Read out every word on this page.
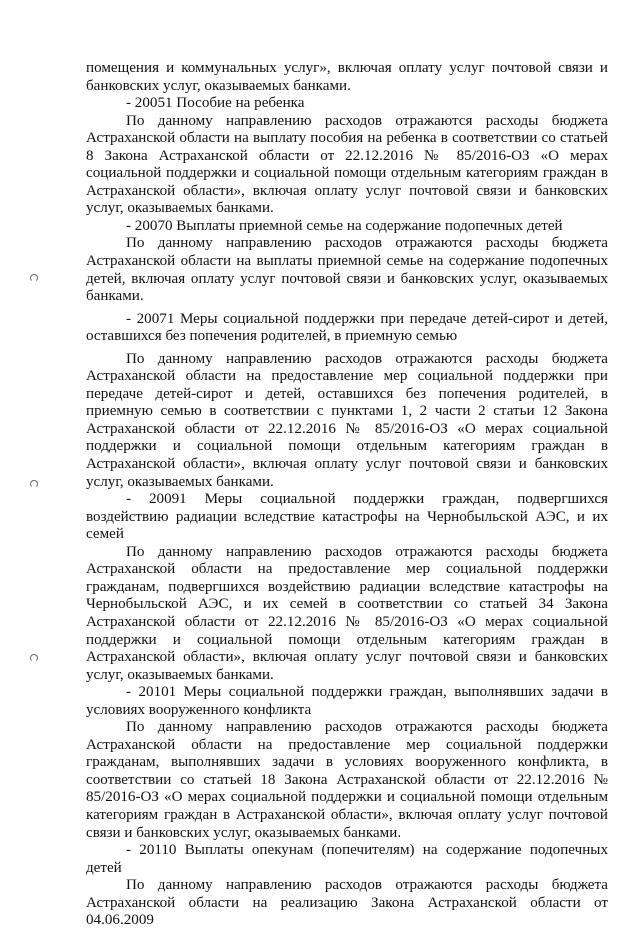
помещения и коммунальных услуг», включая оплату услуг почтовой связи и банковских услуг, оказываемых банками.

- 20051 Пособие на ребенка

По данному направлению расходов отражаются расходы бюджета Астраханской области на выплату пособия на ребенка в соответствии со статьей 8 Закона Астраханской области от 22.12.2016 № 85/2016-ОЗ «О мерах социальной поддержки и социальной помощи отдельным категориям граждан в Астраханской области», включая оплату услуг почтовой связи и банковских услуг, оказываемых банками.

- 20070 Выплаты приемной семье на содержание подопечных детей

По данному направлению расходов отражаются расходы бюджета Астраханской области на выплаты приемной семье на содержание подопечных детей, включая оплату услуг почтовой связи и банковских услуг, оказываемых банками.

- 20071 Меры социальной поддержки при передаче детей-сирот и детей, оставшихся без попечения родителей, в приемную семью

По данному направлению расходов отражаются расходы бюджета Астраханской области на предоставление мер социальной поддержки при передаче детей-сирот и детей, оставшихся без попечения родителей, в приемную семью в соответствии с пунктами 1, 2 части 2 статьи 12 Закона Астраханской области от 22.12.2016 № 85/2016-ОЗ «О мерах социальной поддержки и социальной помощи отдельным категориям граждан в Астраханской области», включая оплату услуг почтовой связи и банковских услуг, оказываемых банками.

- 20091 Меры социальной поддержки граждан, подвергшихся воздействию радиации вследствие катастрофы на Чернобыльской АЭС, и их семей

По данному направлению расходов отражаются расходы бюджета Астраханской области на предоставление мер социальной поддержки гражданам, подвергшихся воздействию радиации вследствие катастрофы на Чернобыльской АЭС, и их семей в соответствии со статьей 34 Закона Астраханской области от 22.12.2016 № 85/2016-ОЗ «О мерах социальной поддержки и социальной помощи отдельным категориям граждан в Астраханской области», включая оплату услуг почтовой связи и банковских услуг, оказываемых банками.

- 20101 Меры социальной поддержки граждан, выполнявших задачи в условиях вооруженного конфликта

По данному направлению расходов отражаются расходы бюджета Астраханской области на предоставление мер социальной поддержки гражданам, выполнявших задачи в условиях вооруженного конфликта, в соответствии со статьей 18 Закона Астраханской области от 22.12.2016 № 85/2016-ОЗ «О мерах социальной поддержки и социальной помощи отдельным категориям граждан в Астраханской области», включая оплату услуг почтовой связи и банковских услуг, оказываемых банками.

- 20110 Выплаты опекунам (попечителям) на содержание подопечных детей

По данному направлению расходов отражаются расходы бюджета Астраханской области на реализацию Закона Астраханской области от 04.06.2009
